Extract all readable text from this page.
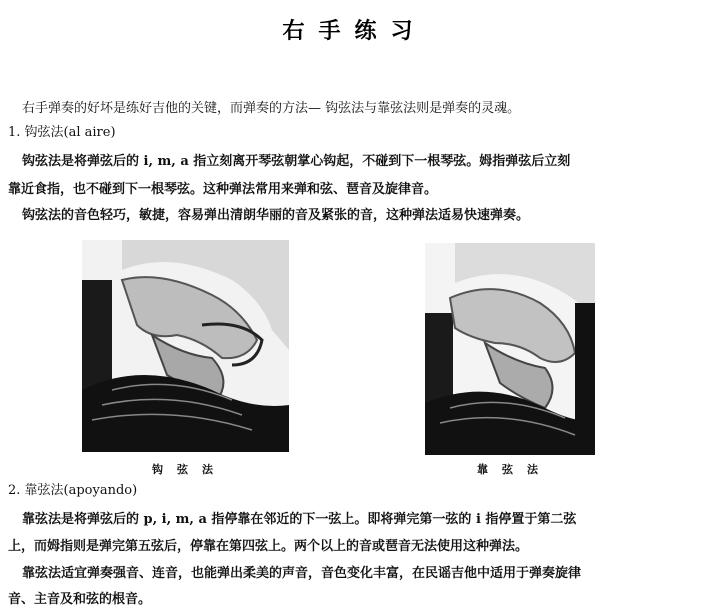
右手练习
右手弹奏的好坏是练好吉他的关键，而弹奏的方法— 钩弦法与靠弦法则是弹奏的灵魂。
1. 钩弦法(al aire)
钩弦法是将弹弦后的 i, m, a 指立刻离开琴弦朝掌心钩起，不碰到下一根琴弦。姆指弹弦后立刻
靠近食指，也不碰到下一根琴弦。这种弹法常用来弹和弦、琶音及旋律音。
钩弦法的音色轻巧，敏捷，容易弹出清朗华丽的音及紧张的音，这种弹法适易快速弹奏。
钩弦法	靠弦法
2. 靠弦法(apoyando)
靠弦法是将弹弦后的 p, i, m, a 指停靠在邻近的下一弦上。即将弹完第一弦的 i 指停置于第二弦
上，而姆指则是弹完第五弦后，停靠在第四弦上。两个以上的音或琶音无法使用这种弹法。
靠弦法适宜弹奏强音、连音，也能弹出柔美的声音，音色变化丰富，在民谣吉他中适用于弹奏旋律
音、主音及和弦的根音。
